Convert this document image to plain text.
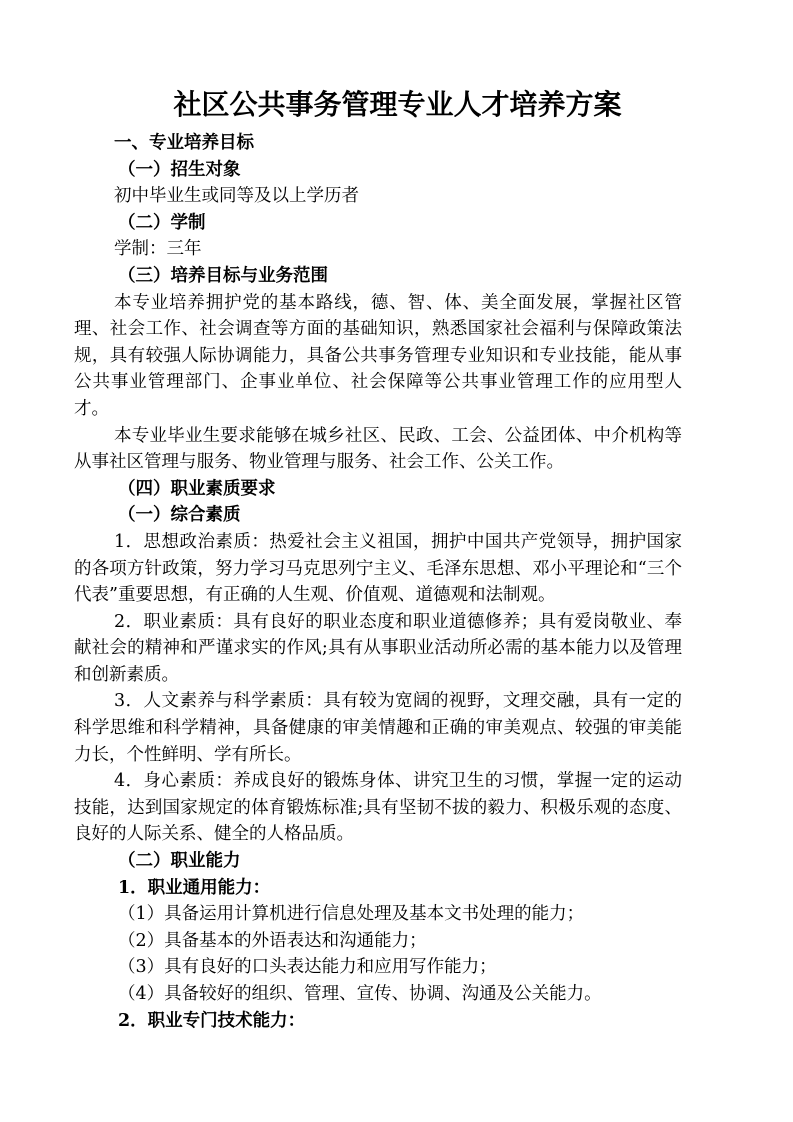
社区公共事务管理专业人才培养方案

一、专业培养目标

（一）招生对象

初中毕业生或同等及以上学历者

（二）学制

学制：三年

（三）培养目标与业务范围

本专业培养拥护党的基本路线，德、智、体、美全面发展，掌握社区管理、社会工作、社会调查等方面的基础知识，熟悉国家社会福利与保障政策法规，具有较强人际协调能力，具备公共事务管理专业知识和专业技能，能从事公共事业管理部门、企事业单位、社会保障等公共事业管理工作的应用型人才。

本专业毕业生要求能够在城乡社区、民政、工会、公益团体、中介机构等从事社区管理与服务、物业管理与服务、社会工作、公关工作。

（四）职业素质要求

（一）综合素质

1．思想政治素质：热爱社会主义祖国，拥护中国共产党领导，拥护国家的各项方针政策，努力学习马克思列宁主义、毛泽东思想、邓小平理论和“三个代表”重要思想，有正确的人生观、价值观、道德观和法制观。

2．职业素质：具有良好的职业态度和职业道德修养；具有爱岗敬业、奉献社会的精神和严谨求实的作风;具有从事职业活动所必需的基本能力以及管理和创新素质。

3．人文素养与科学素质：具有较为宽阔的视野，文理交融，具有一定的科学思维和科学精神，具备健康的审美情趣和正确的审美观点、较强的审美能力长，个性鲜明、学有所长。

4．身心素质：养成良好的锻炼身体、讲究卫生的习惯，掌握一定的运动技能，达到国家规定的体育锻炼标准;具有坚韧不拔的毅力、积极乐观的态度、良好的人际关系、健全的人格品质。

（二）职业能力

1．职业通用能力：

（1）具备运用计算机进行信息处理及基本文书处理的能力；

（2）具备基本的外语表达和沟通能力；

（3）具有良好的口头表达能力和应用写作能力；

（4）具备较好的组织、管理、宣传、协调、沟通及公关能力。

2．职业专门技术能力：
